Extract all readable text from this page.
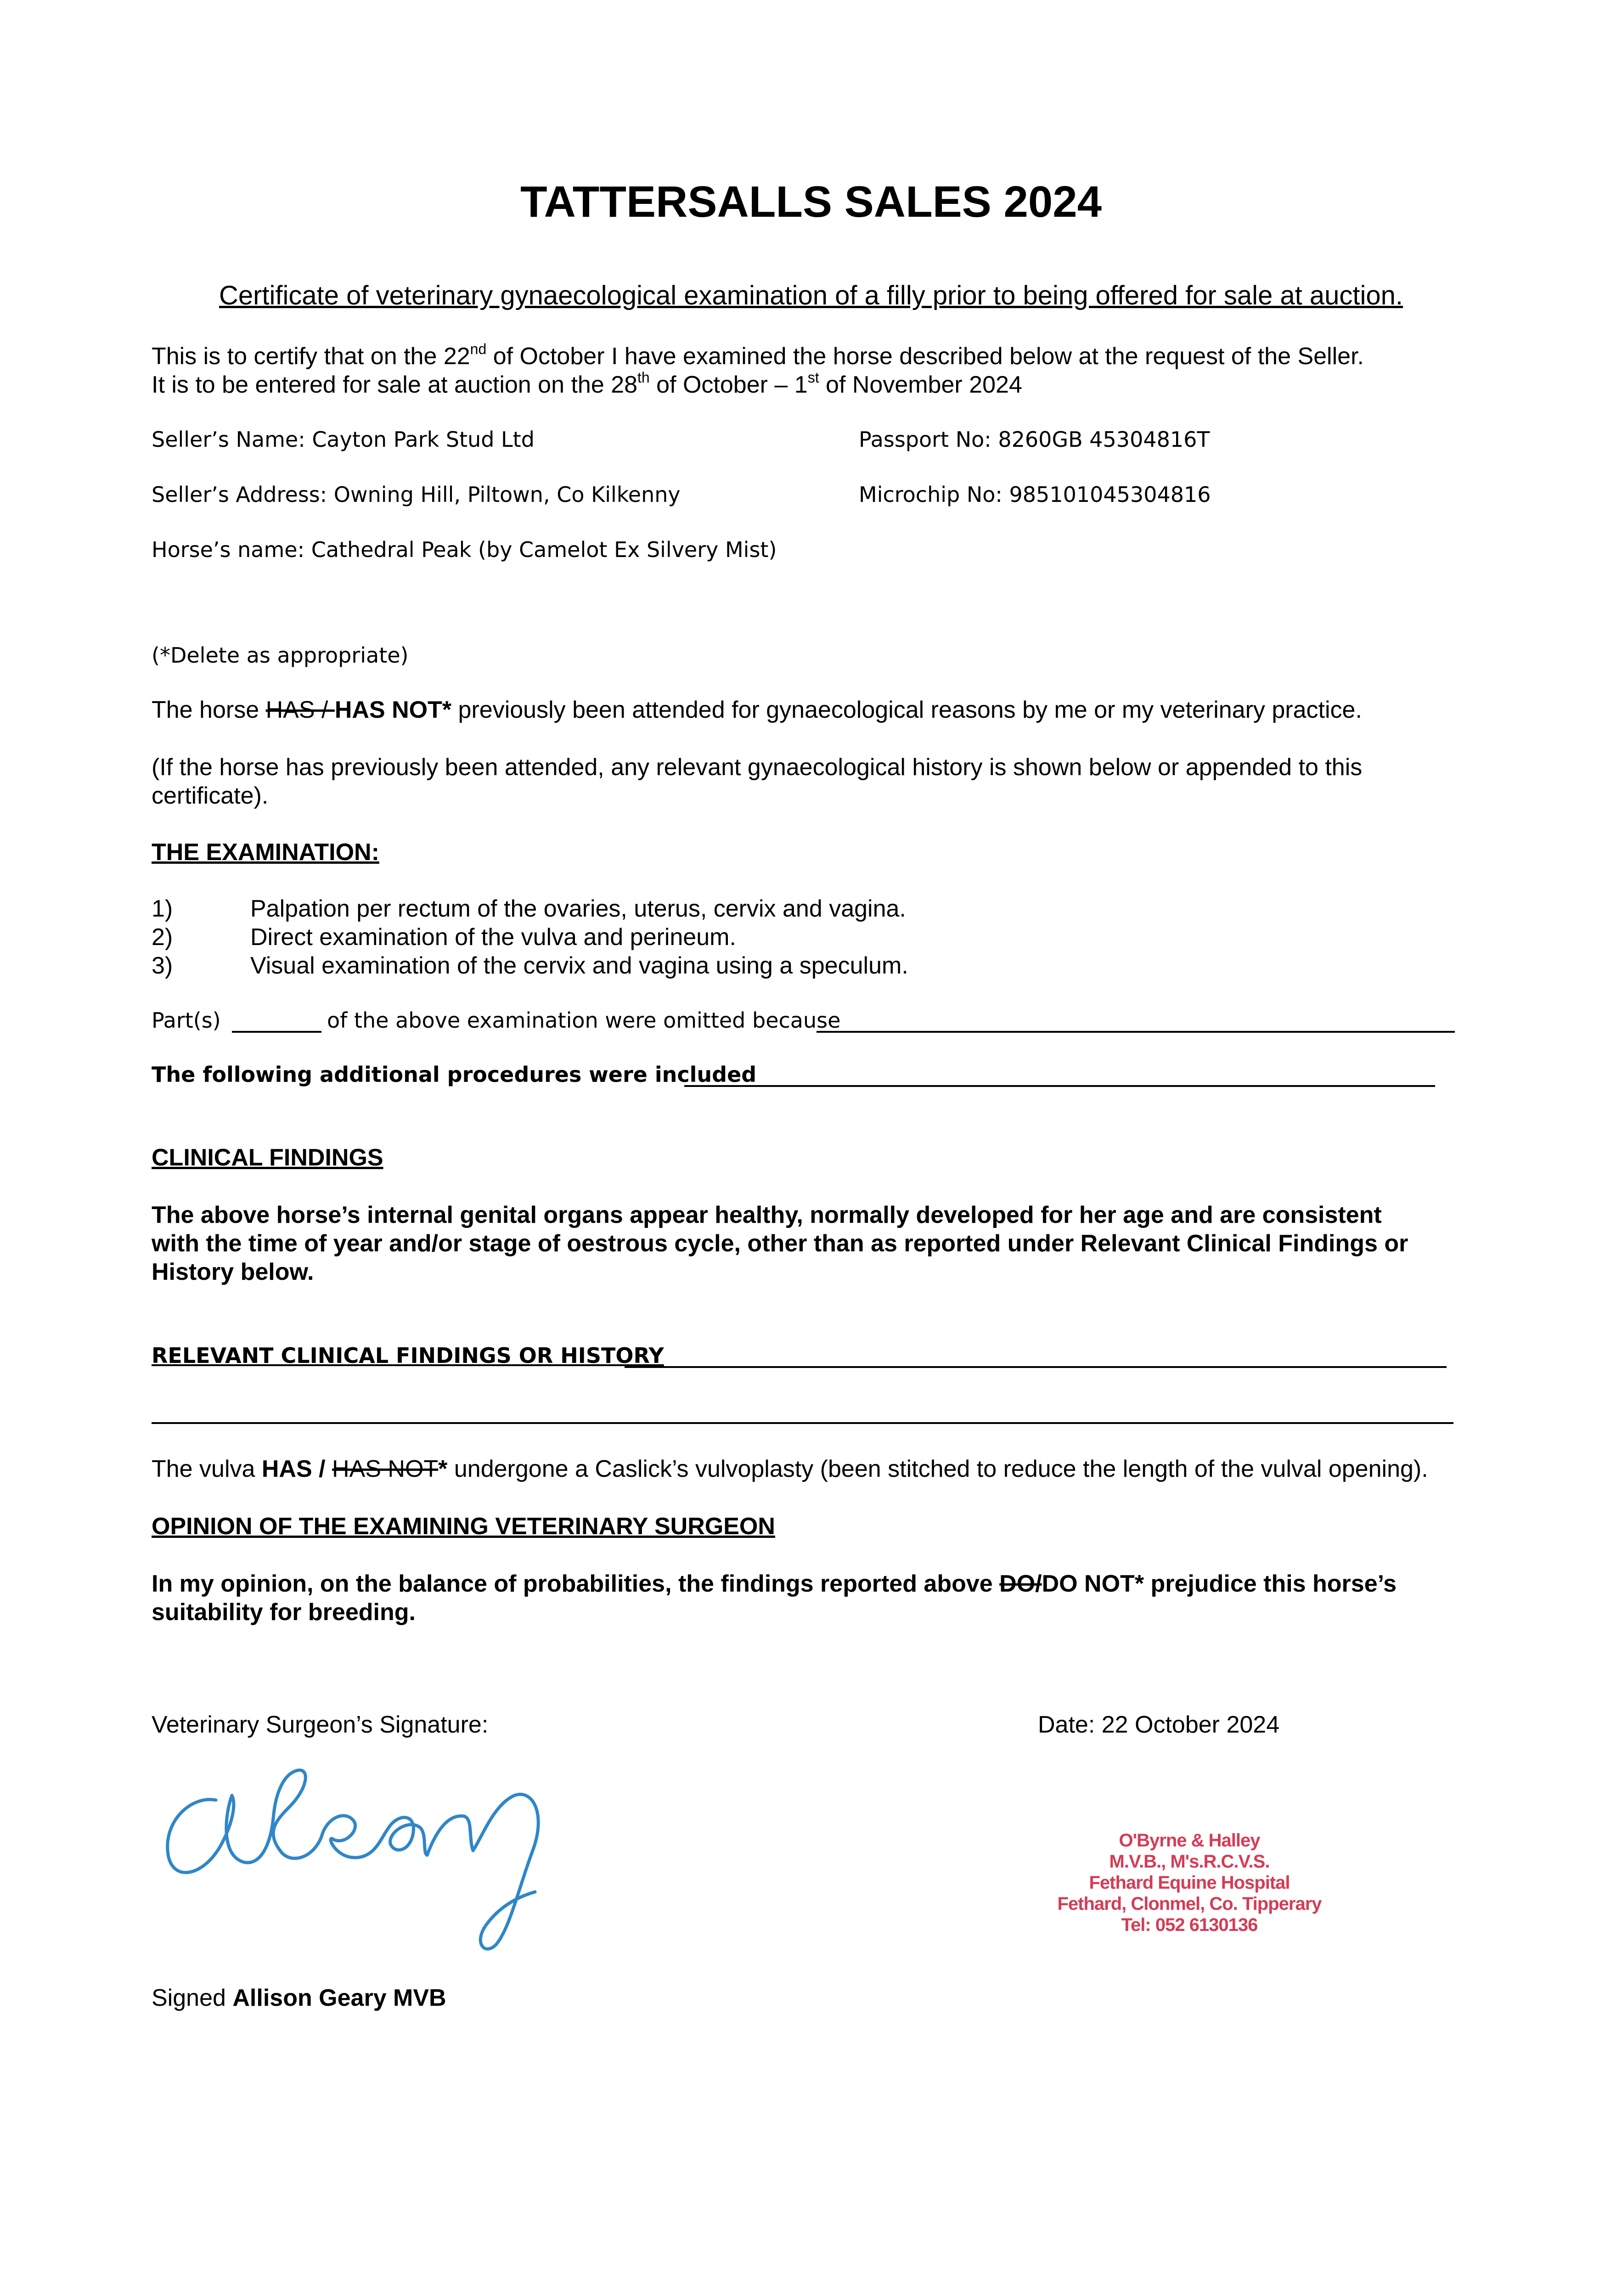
TATTERSALLS SALES 2024
Certificate of veterinary gynaecological examination of a filly prior to being offered for sale at auction.
This is to certify that on the 22nd of October I have examined the horse described below at the request of the Seller.
It is to be entered for sale at auction on the 28th of October – 1st of November 2024
Seller’s Name: Cayton Park Stud Ltd	Passport No: 8260GB 45304816T
Seller’s Address: Owning Hill, Piltown, Co Kilkenny	Microchip No: 985101045304816
Horse’s name: Cathedral Peak (by Camelot Ex Silvery Mist)
(*Delete as appropriate)
The horse HAS / HAS NOT* previously been attended for gynaecological reasons by me or my veterinary practice.
(If the horse has previously been attended, any relevant gynaecological history is shown below or appended to this
certificate).
THE EXAMINATION:
1)	Palpation per rectum of the ovaries, uterus, cervix and vagina.
2)	Direct examination of the vulva and perineum.
3)	Visual examination of the cervix and vagina using a speculum.
Part(s)	of the above examination were omitted because
The following additional procedures were included
CLINICAL FINDINGS
The above horse’s internal genital organs appear healthy, normally developed for her age and are consistent
with the time of year and/or stage of oestrous cycle, other than as reported under Relevant Clinical Findings or
History below.
RELEVANT CLINICAL FINDINGS OR HISTORY
The vulva HAS / HAS NOT* undergone a Caslick’s vulvoplasty (been stitched to reduce the length of the vulval opening).
OPINION OF THE EXAMINING VETERINARY SURGEON
In my opinion, on the balance of probabilities, the findings reported above DO/DO NOT* prejudice this horse’s
suitability for breeding.
Veterinary Surgeon’s Signature:	Date: 22 October 2024
O'Byrne & Halley
M.V.B., M's.R.C.V.S.
Fethard Equine Hospital
Fethard, Clonmel, Co. Tipperary
Tel: 052 6130136
Signed Allison Geary MVB
